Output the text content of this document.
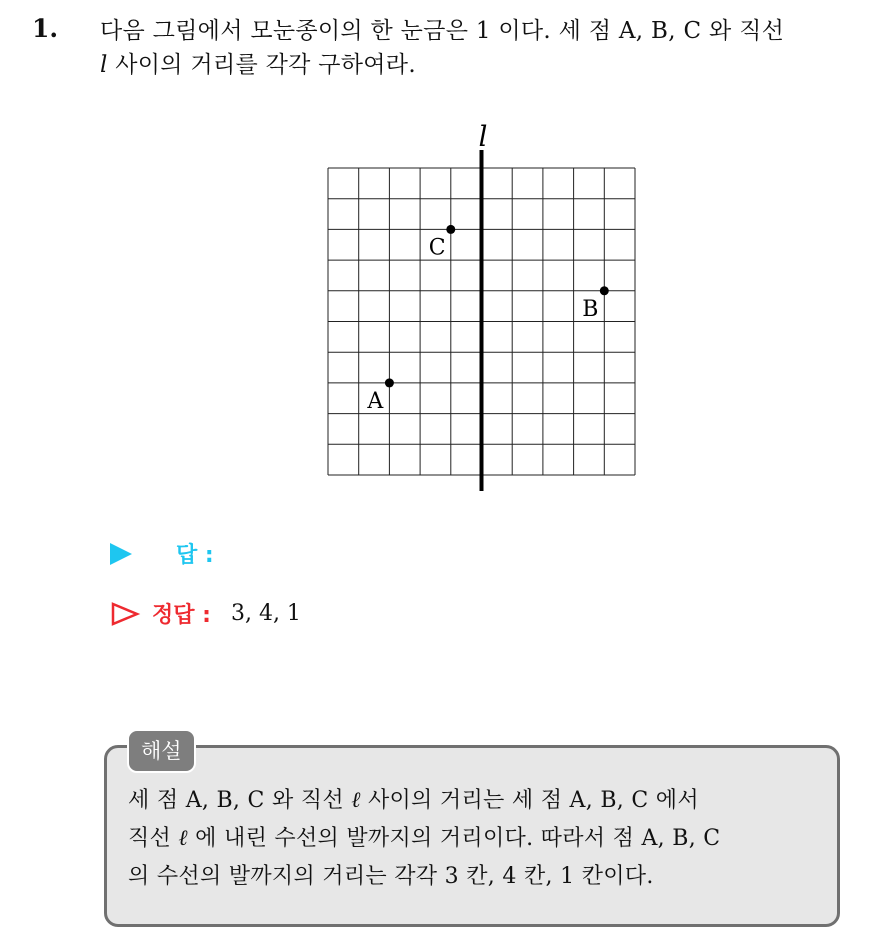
1. 다음 그림에서 모눈종이의 한 눈금은 1 이다. 세 점 A, B, C 와 직선
l 사이의 거리를 각각 구하여라.
l
A
B
C
답 :
정답 : 3, 4, 1
해설
세 점 A, B, C 와 직선 ℓ 사이의 거리는 세 점 A, B, C 에서
직선 ℓ 에 내린 수선의 발까지의 거리이다. 따라서 점 A, B, C
의 수선의 발까지의 거리는 각각 3 칸, 4 칸, 1 칸이다.
